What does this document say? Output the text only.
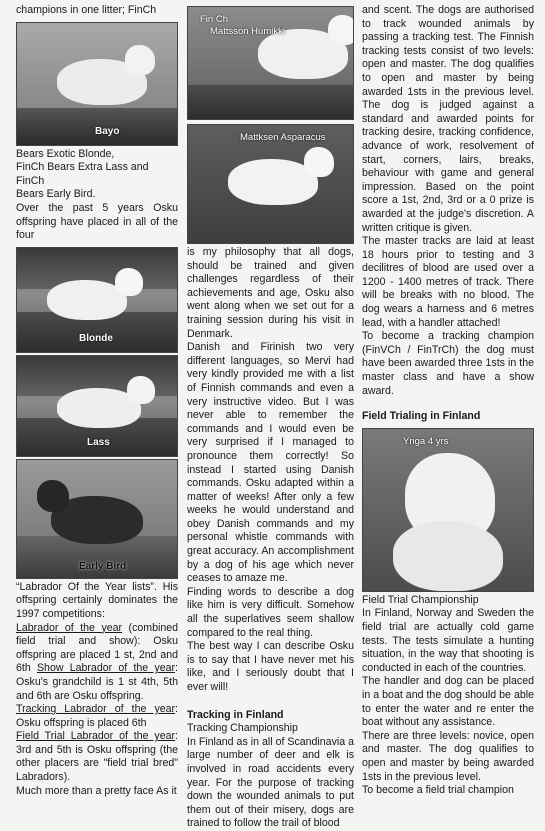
champions in one litter; FinCh

Bayo

Bears Exotic Blonde,

FinCh Bears Extra Lass and FinCh

Bears Early Bird.

Over the past 5 years Osku offspring have placed in all of the four

Blonde
Lass
Early Bird

“Labrador Of the Year lists”. His offspring certainly dominates the 1997 competitions:

Labrador of the year (combined field trial and show): Osku offspring are placed 1 st, 2nd and 6th Show Labrador of the year: Osku's grandchild is 1 st 4th, 5th and 6th are Osku offspring.

Tracking Labrador of the year: Osku offspring is placed 6th

Field Trial Labrador of the year: 3rd and 5th is Osku offspring (the other placers are "field trial bred" Labradors).

Much more than a pretty face As it

Fin Ch
Mattsson Humikki
Mattksen Asparacus

is my philosophy that all dogs, should be trained and given challenges regardless of their achievements and age, Osku also went along when we set out for a training session during his visit in Denmark.

Danish and Firinish two very different languages, so Mervi had very kindly provided me with a list of Finnish commands and even a very instructive video. But I was never able to remember the commands and I would even be very surprised if I managed to pronounce them correctly! So instead I started using Danish commands. Osku adapted within a matter of weeks! After only a few weeks he would understand and obey Danish commands and my personal whistle commands with great accuracy. An accomplishment by a dog of his age which never ceases to amaze me.

Finding words to describe a dog like him is very difficult. Somehow all the superlatives seem shallow compared to the real thing.

The best way I can describe Osku is to say that I have never met his like, and I seriously doubt that I ever will!

Tracking in Finland

Tracking Championship

In Finland as in all of Scandinavia a large number of deer and elk is involved in road accidents every year. For the purpose of tracking down the wounded animals to put them out of their misery, dogs are trained to follow the trail of blood

and scent. The dogs are authorised to track wounded animals by passing a tracking test. The Finnish tracking tests consist of two levels: open and master. The dog qualifies to open and master by being awarded 1sts in the previous level. The dog is judged against a standard and awarded points for tracking desire, tracking confidence, advance of work, resolvement of start, corners, lairs, breaks, behaviour with game and general impression. Based on the point score a 1st, 2nd, 3rd or a 0 prize is awarded at the judge's discretion. A written critique is given.

The master tracks are laid at least 18 hours prior to testing and 3 decilitres of blood are used over a 1200 - 1400 metres of track. There will be breaks with no blood. The dog wears a harness and 6 metres lead, with a handler attached!

To become a tracking champion (FinVCh / FinTrCh) the dog must have been awarded three 1sts in the master class and have a show award.

Field Trialing in Finland

Ynga 4 yrs

Field Trial Championship

In Finland, Norway and Sweden the field trial are actually cold game tests. The tests simulate a hunting situation, in the way that shooting is conducted in each of the countries.

The handler and dog can be placed in a boat and the dog should be able to enter the water and re enter the boat without any assistance.

There are three levels: novice, open and master. The dog qualifies to open and master by being awarded 1sts in the previous level.

To become a field trial champion
